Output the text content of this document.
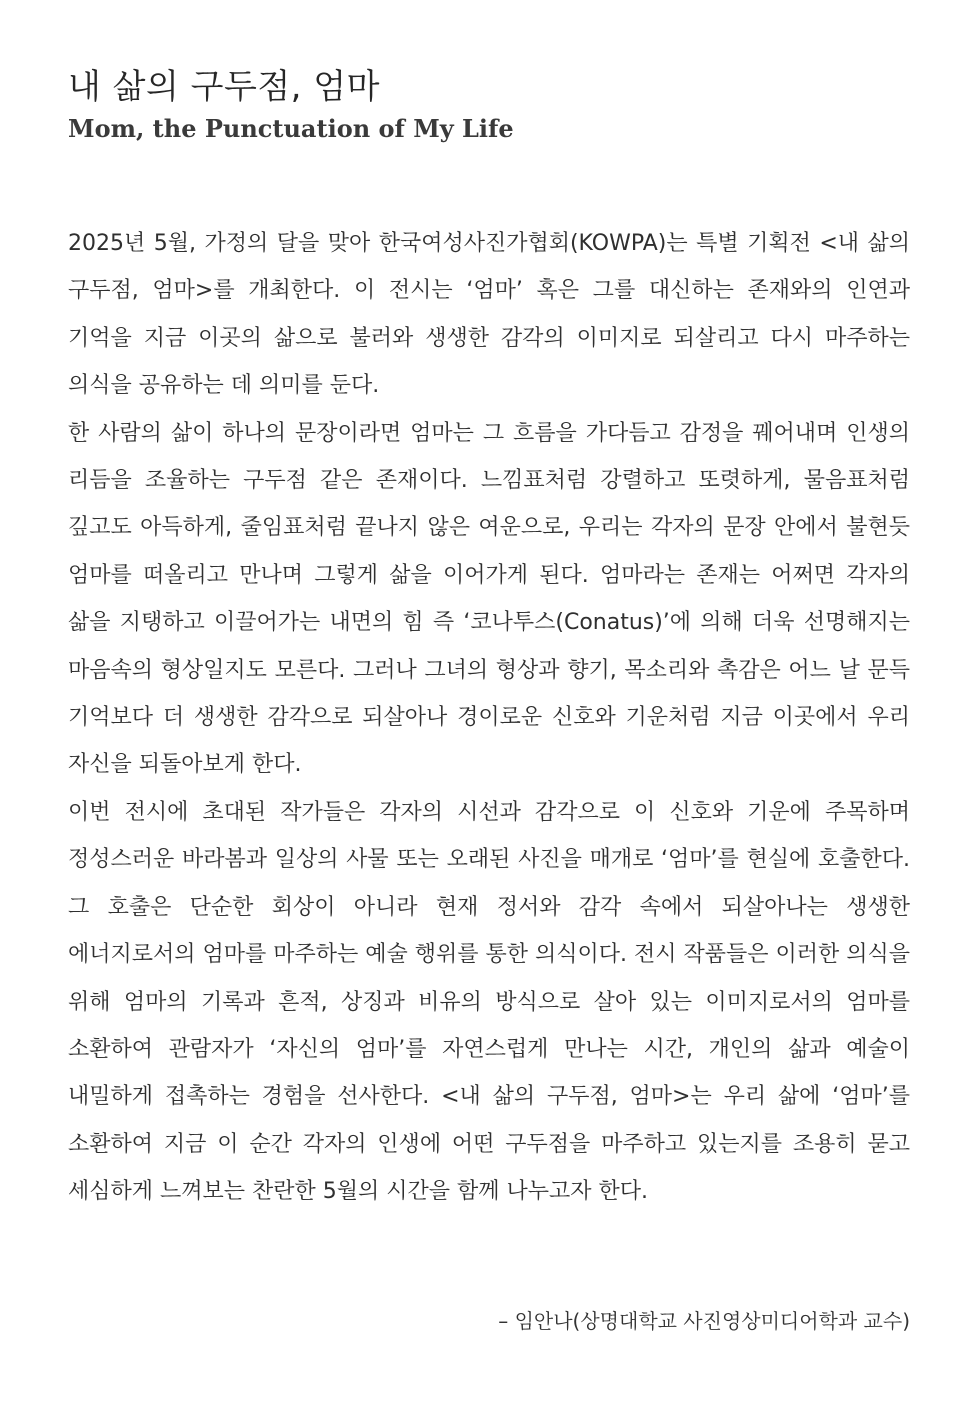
내 삶의 구두점, 엄마
Mom, the Punctuation of My Life

2025년 5월, 가정의 달을 맞아 한국여성사진가협회(KOWPA)는 특별 기획전 <내 삶의 구두점, 엄마>를 개최한다. 이 전시는 ‘엄마’ 혹은 그를 대신하는 존재와의 인연과 기억을 지금 이곳의 삶으로 불러와 생생한 감각의 이미지로 되살리고 다시 마주하는 의식을 공유하는 데 의미를 둔다.

한 사람의 삶이 하나의 문장이라면 엄마는 그 흐름을 가다듬고 감정을 꿰어내며 인생의 리듬을 조율하는 구두점 같은 존재이다. 느낌표처럼 강렬하고 또렷하게, 물음표처럼 깊고도 아득하게, 줄임표처럼 끝나지 않은 여운으로, 우리는 각자의 문장 안에서 불현듯 엄마를 떠올리고 만나며 그렇게 삶을 이어가게 된다. 엄마라는 존재는 어쩌면 각자의 삶을 지탱하고 이끌어가는 내면의 힘 즉 ‘코나투스(Conatus)’에 의해 더욱 선명해지는 마음속의 형상일지도 모른다. 그러나 그녀의 형상과 향기, 목소리와 촉감은 어느 날 문득 기억보다 더 생생한 감각으로 되살아나 경이로운 신호와 기운처럼 지금 이곳에서 우리 자신을 되돌아보게 한다.

이번 전시에 초대된 작가들은 각자의 시선과 감각으로 이 신호와 기운에 주목하며 정성스러운 바라봄과 일상의 사물 또는 오래된 사진을 매개로 ‘엄마’를 현실에 호출한다. 그 호출은 단순한 회상이 아니라 현재 정서와 감각 속에서 되살아나는 생생한 에너지로서의 엄마를 마주하는 예술 행위를 통한 의식이다. 전시 작품들은 이러한 의식을 위해 엄마의 기록과 흔적, 상징과 비유의 방식으로 살아 있는 이미지로서의 엄마를 소환하여 관람자가 ‘자신의 엄마’를 자연스럽게 만나는 시간, 개인의 삶과 예술이 내밀하게 접촉하는 경험을 선사한다. <내 삶의 구두점, 엄마>는 우리 삶에 ‘엄마’를 소환하여 지금 이 순간 각자의 인생에 어떤 구두점을 마주하고 있는지를 조용히 묻고 세심하게 느껴보는 찬란한 5월의 시간을 함께 나누고자 한다.

– 임안나(상명대학교 사진영상미디어학과 교수)
